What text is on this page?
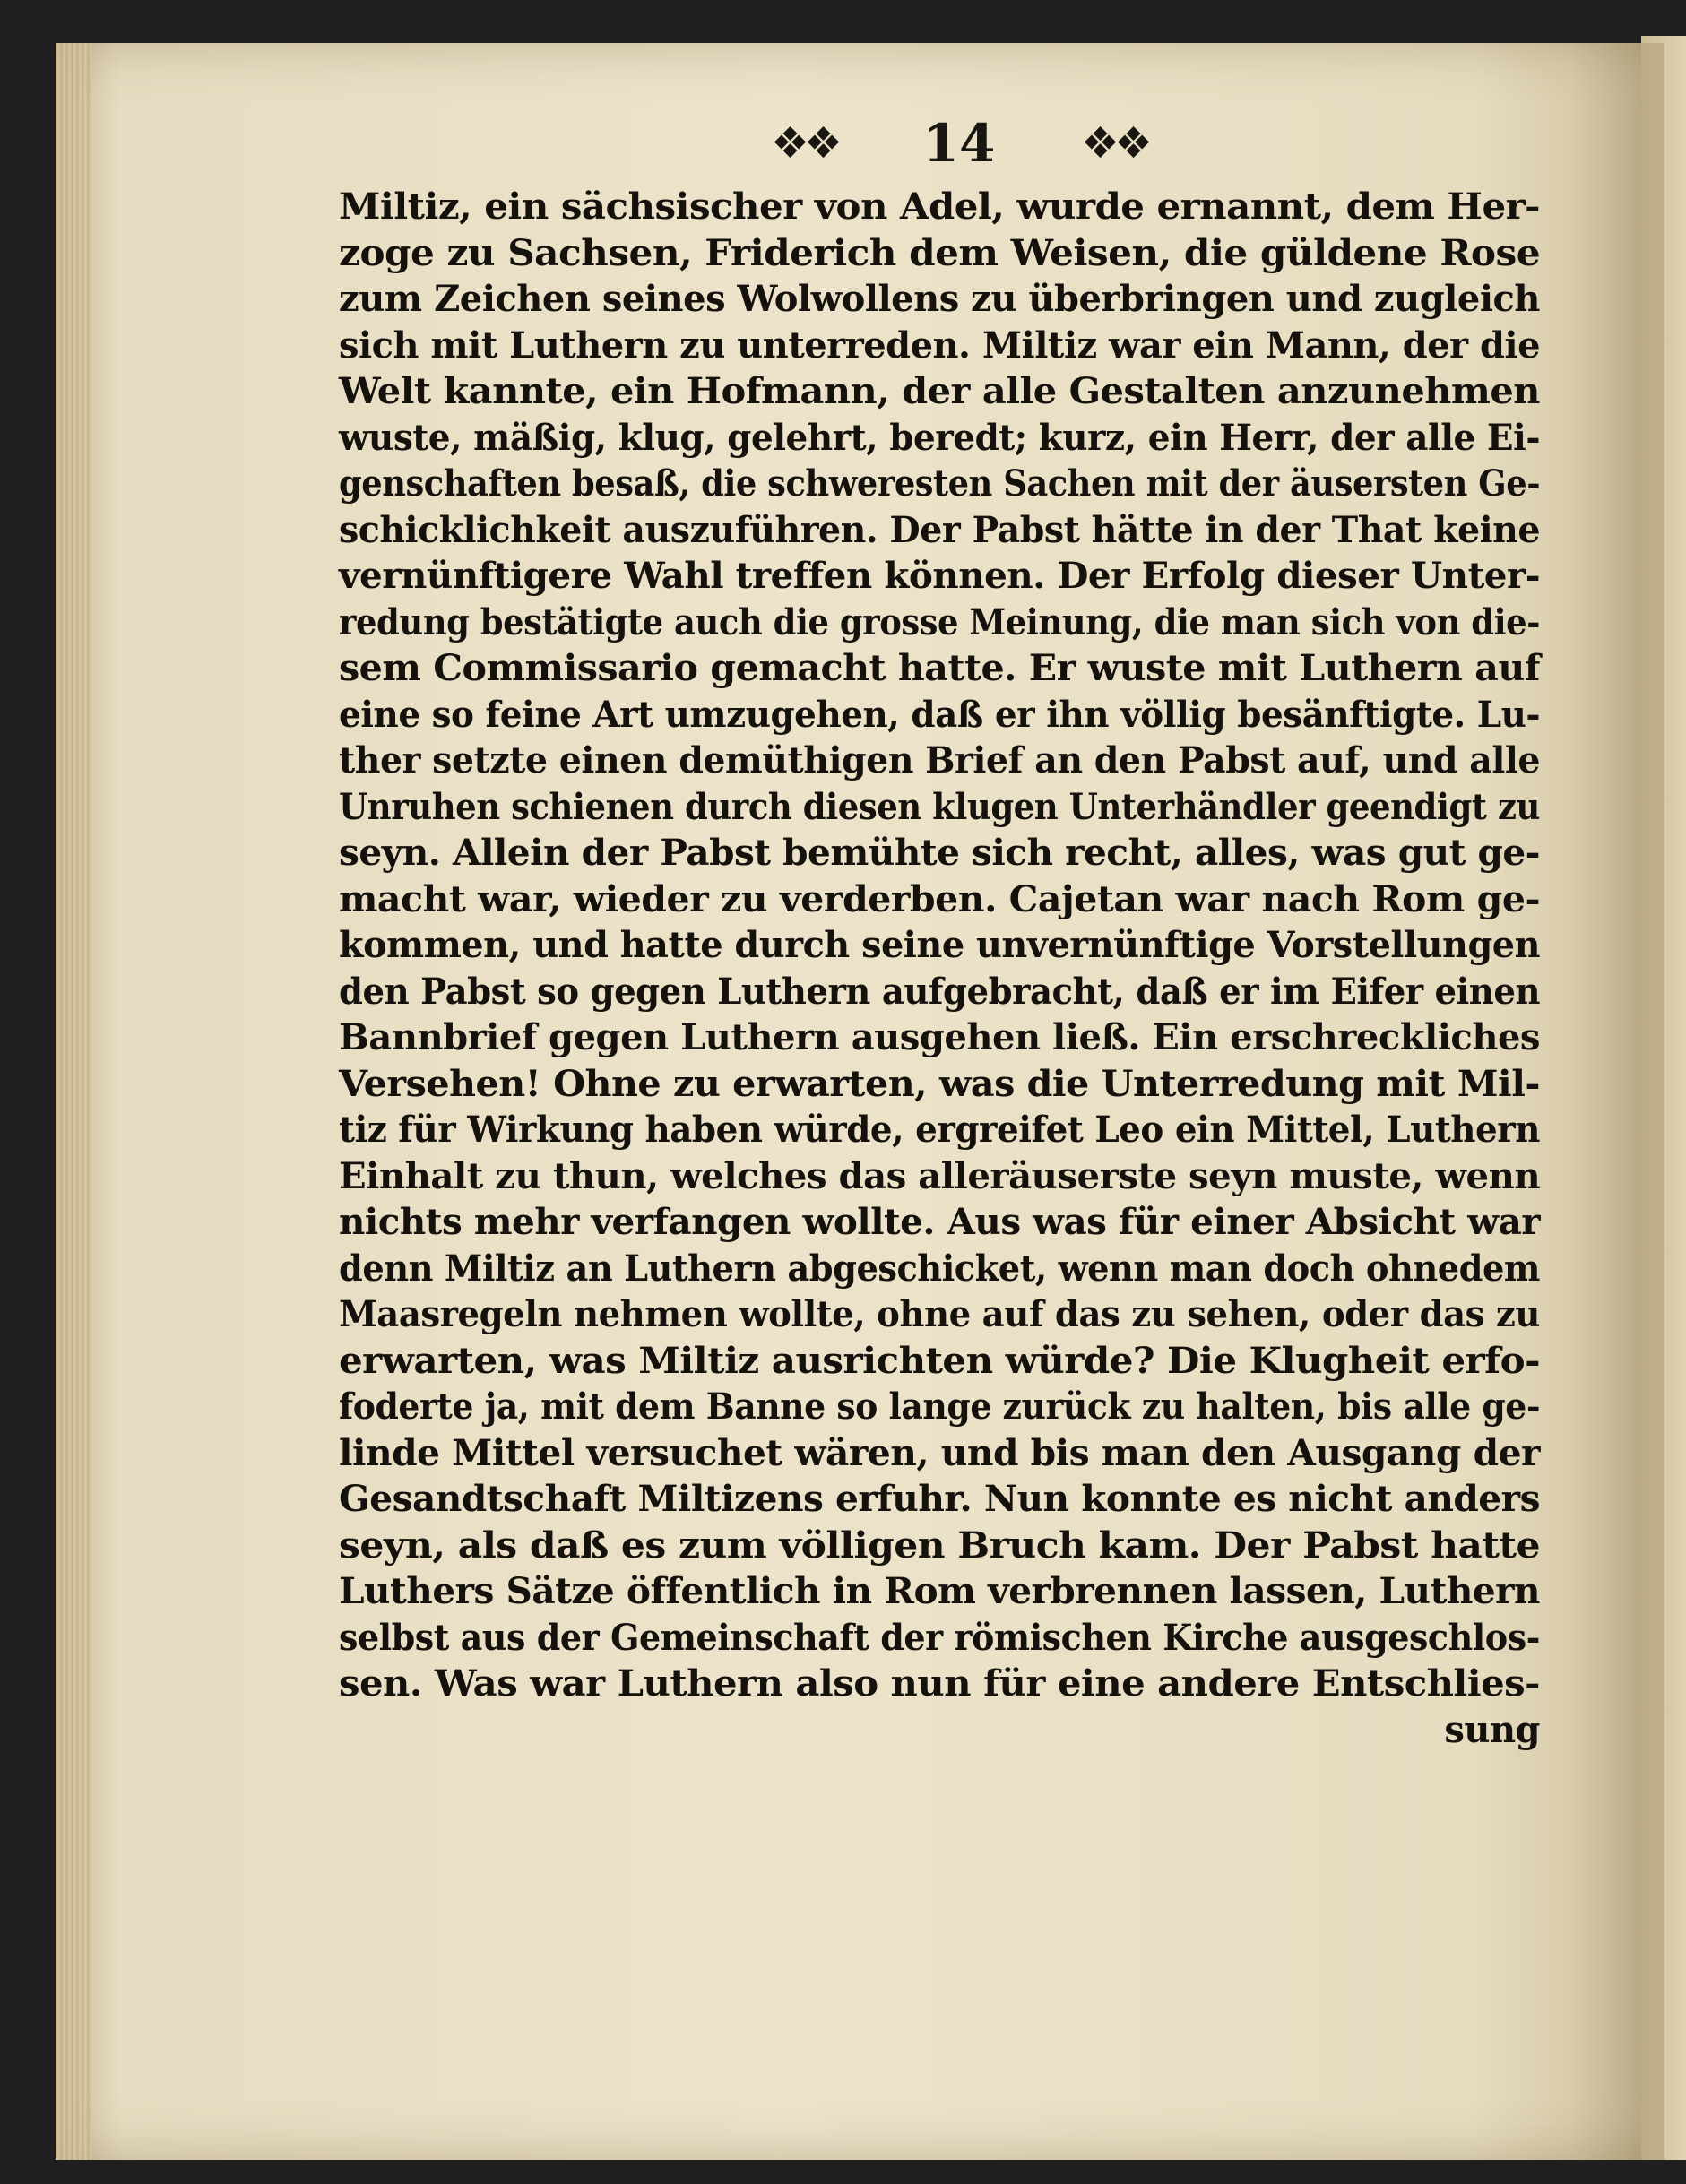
❖❖ 14 ❖❖
Miltiz, ein sächsischer von Adel, wurde ernannt, dem Her-
zoge zu Sachsen, Friderich dem Weisen, die güldene Rose
zum Zeichen seines Wolwollens zu überbringen und zugleich
sich mit Luthern zu unterreden. Miltiz war ein Mann, der die
Welt kannte, ein Hofmann, der alle Gestalten anzunehmen
wuste, mäßig, klug, gelehrt, beredt; kurz, ein Herr, der alle Ei-
genschaften besaß, die schweresten Sachen mit der äusersten Ge-
schicklichkeit auszuführen. Der Pabst hätte in der That keine
vernünftigere Wahl treffen können. Der Erfolg dieser Unter-
redung bestätigte auch die grosse Meinung, die man sich von die-
sem Commissario gemacht hatte. Er wuste mit Luthern auf
eine so feine Art umzugehen, daß er ihn völlig besänftigte. Lu-
ther setzte einen demüthigen Brief an den Pabst auf, und alle
Unruhen schienen durch diesen klugen Unterhändler geendigt zu
seyn. Allein der Pabst bemühte sich recht, alles, was gut ge-
macht war, wieder zu verderben. Cajetan war nach Rom ge-
kommen, und hatte durch seine unvernünftige Vorstellungen
den Pabst so gegen Luthern aufgebracht, daß er im Eifer einen
Bannbrief gegen Luthern ausgehen ließ. Ein erschreckliches
Versehen! Ohne zu erwarten, was die Unterredung mit Mil-
tiz für Wirkung haben würde, ergreifet Leo ein Mittel, Luthern
Einhalt zu thun, welches das alleräuserste seyn muste, wenn
nichts mehr verfangen wollte. Aus was für einer Absicht war
denn Miltiz an Luthern abgeschicket, wenn man doch ohnedem
Maasregeln nehmen wollte, ohne auf das zu sehen, oder das zu
erwarten, was Miltiz ausrichten würde? Die Klugheit erfo-
foderte ja, mit dem Banne so lange zurück zu halten, bis alle ge-
linde Mittel versuchet wären, und bis man den Ausgang der
Gesandtschaft Miltizens erfuhr. Nun konnte es nicht anders
seyn, als daß es zum völligen Bruch kam. Der Pabst hatte
Luthers Sätze öffentlich in Rom verbrennen lassen, Luthern
selbst aus der Gemeinschaft der römischen Kirche ausgeschlos-
sen. Was war Luthern also nun für eine andere Entschlies-
sung
